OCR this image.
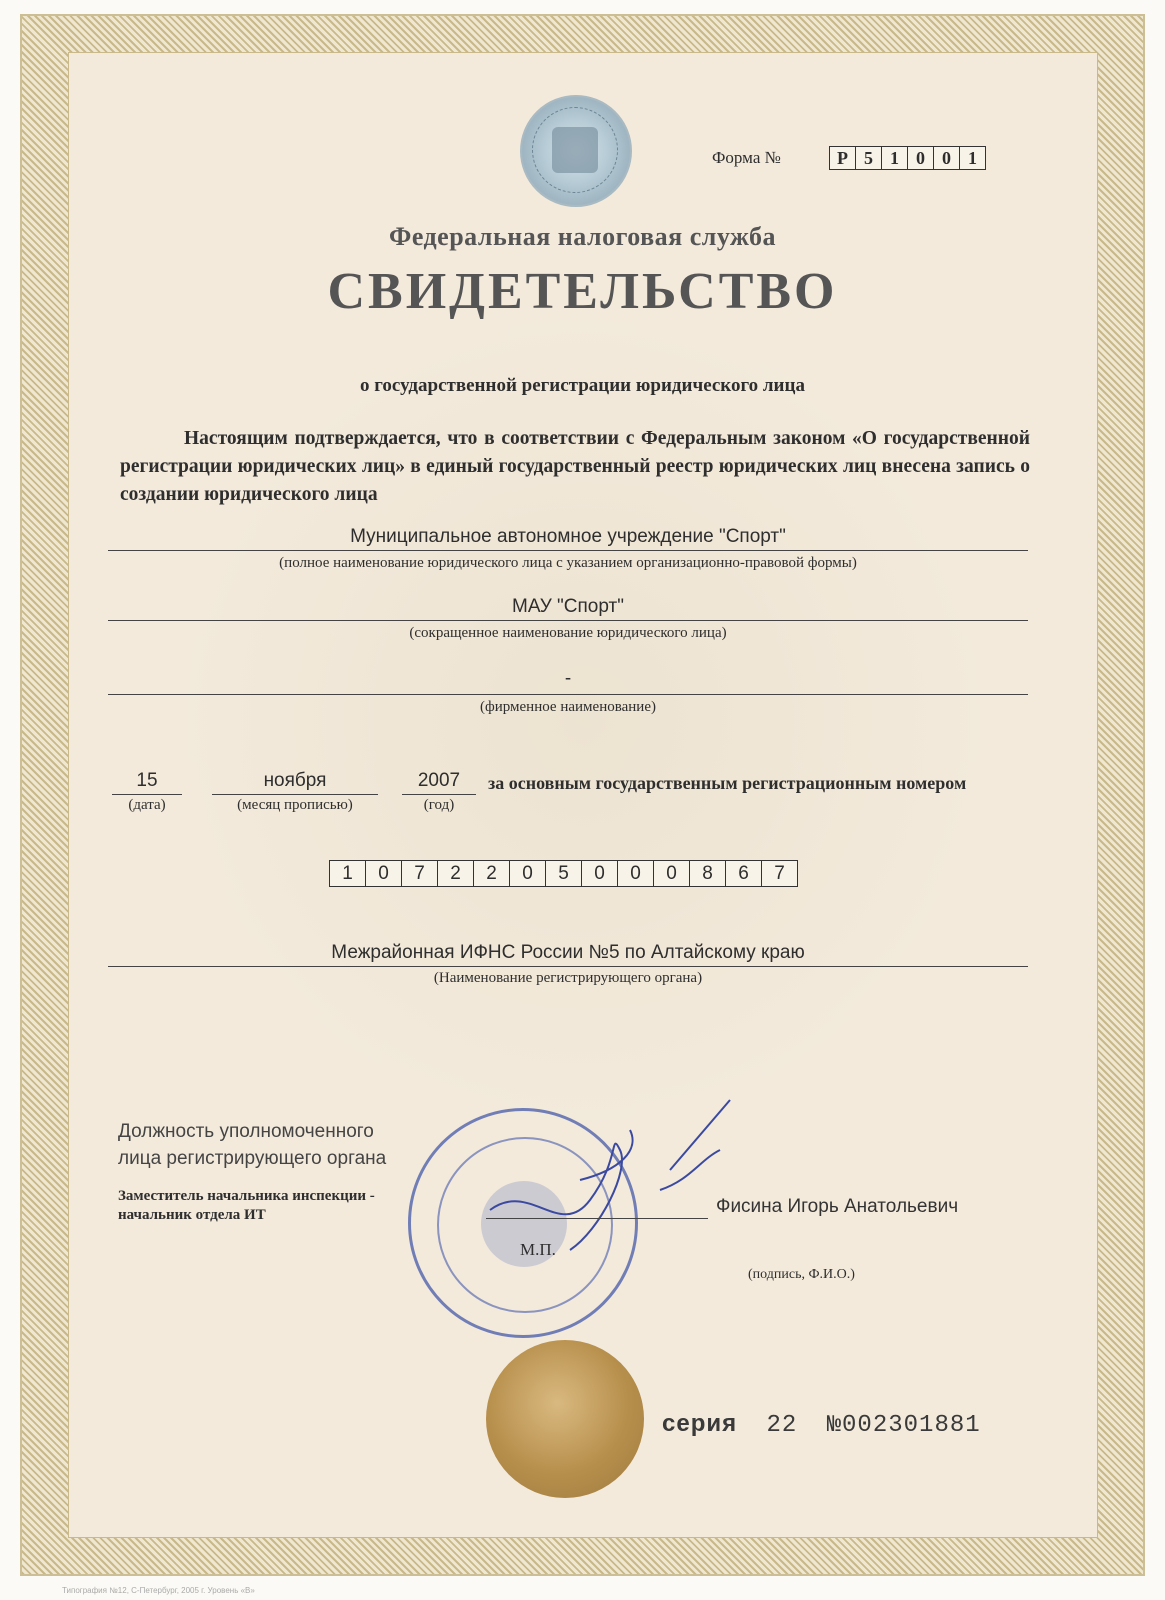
Форма №	Р 5 1 0 0 1
Федеральная налоговая служба
СВИДЕТЕЛЬСТВО
о государственной регистрации юридического лица
Настоящим подтверждается, что в соответствии с Федеральным законом «О государственной регистрации юридических лиц» в единый государственный реестр юридических лиц внесена запись о создании юридического лица
Муниципальное автономное учреждение "Спорт"
(полное наименование юридического лица с указанием организационно-правовой формы)
МАУ "Спорт"
(сокращенное наименование юридического лица)
-
(фирменное наименование)
15
(дата)
ноября
(месяц прописью)
2007
(год)
за основным государственным регистрационным номером
1	0	7	2	2	0	5	0	0	0	8	6	7
Межрайонная ИФНС России №5 по Алтайскому краю
(Наименование регистрирующего органа)
Должность уполномоченного
лица регистрирующего органа
Заместитель начальника инспекции -
начальник отдела ИТ	Фисина Игорь Анатольевич
М.П.
(подпись, Ф.И.О.)
серия 22 №002301881
Типография №12, С-Петербург, 2005 г. Уровень «В»
